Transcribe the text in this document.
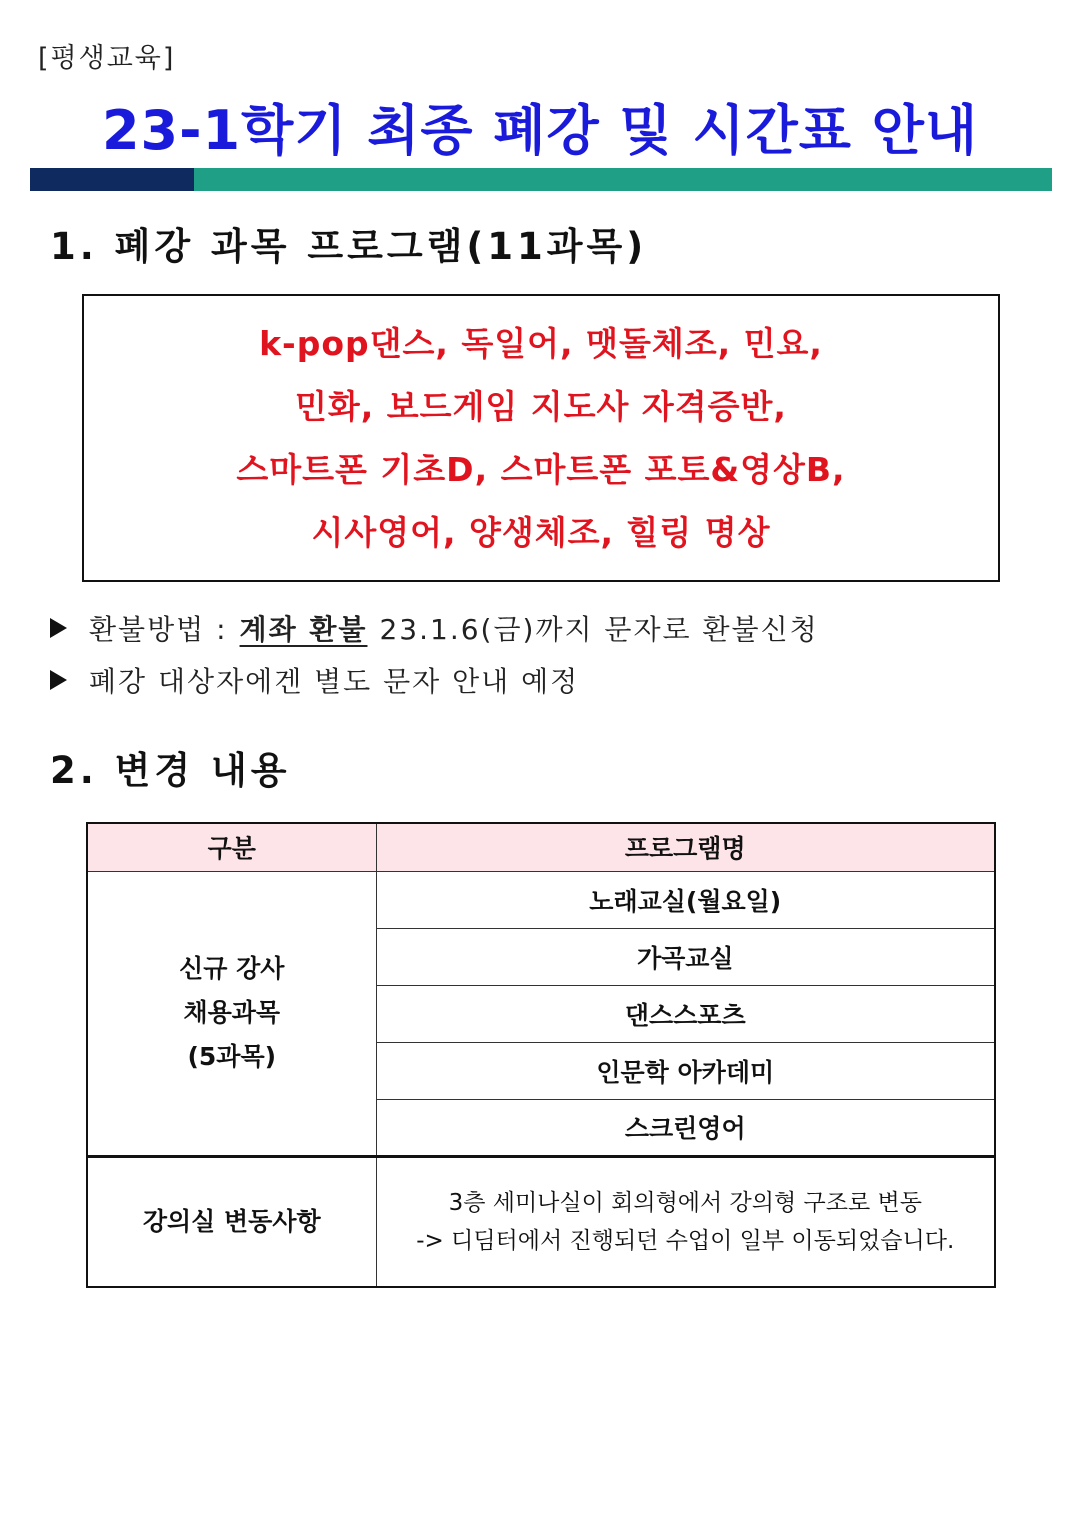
[평생교육]
23-1학기 최종 폐강 및 시간표 안내
1. 폐강 과목 프로그램(11과목)
k-pop댄스, 독일어, 맷돌체조, 민요,
민화, 보드게임 지도사 자격증반,
스마트폰 기초D, 스마트폰 포토&영상B,
시사영어, 양생체조, 힐링 명상
환불방법 : 계좌 환불 23.1.6(금)까지 문자로 환불신청
폐강 대상자에겐 별도 문자 안내 예정
2. 변경 내용
구분	프로그램명

신규 강사
채용과목
(5과목)	노래교실(월요일)
	가곡교실
	댄스스포츠
	인문학 아카데미
	스크린영어
강의실 변동사항	3층 세미나실이 회의형에서 강의형 구조로 변동
-> 디딤터에서 진행되던 수업이 일부 이동되었습니다.
